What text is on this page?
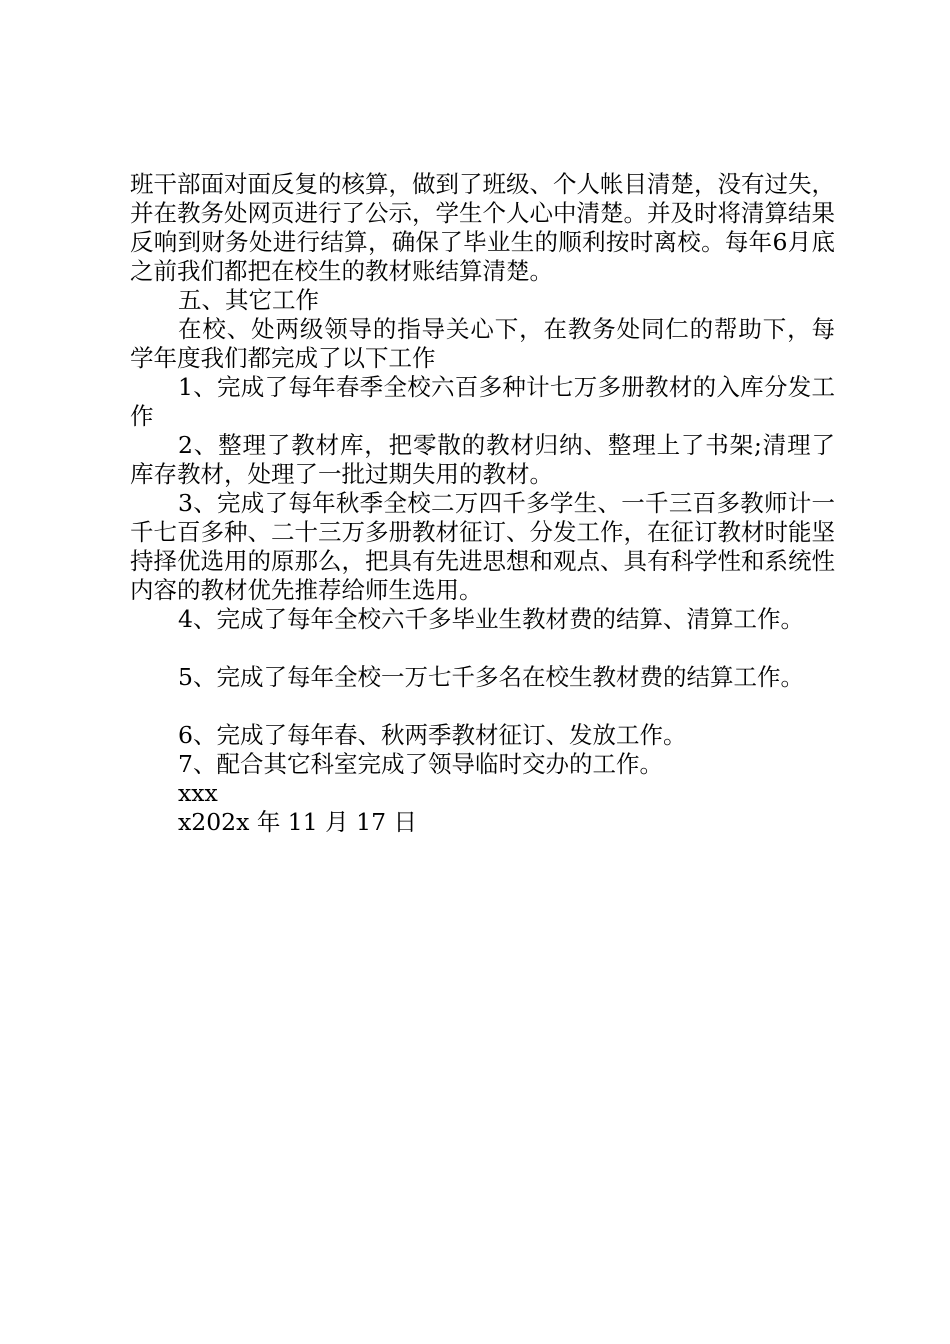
班干部面对面反复的核算，做到了班级、个人帐目清楚，没有过失，并在教务处网页进行了公示，学生个人心中清楚。并及时将清算结果反响到财务处进行结算，确保了毕业生的顺利按时离校。每年6月底之前我们都把在校生的教材账结算清楚。

五、其它工作

在校、处两级领导的指导关心下，在教务处同仁的帮助下，每学年度我们都完成了以下工作

1、完成了每年春季全校六百多种计七万多册教材的入库分发工作

2、整理了教材库，把零散的教材归纳、整理上了书架;清理了库存教材，处理了一批过期失用的教材。

3、完成了每年秋季全校二万四千多学生、一千三百多教师计一千七百多种、二十三万多册教材征订、分发工作，在征订教材时能坚持择优选用的原那么，把具有先进思想和观点、具有科学性和系统性内容的教材优先推荐给师生选用。

4、完成了每年全校六千多毕业生教材费的结算、清算工作。

5、完成了每年全校一万七千多名在校生教材费的结算工作。

6、完成了每年春、秋两季教材征订、发放工作。

7、配合其它科室完成了领导临时交办的工作。

xxx

x202x 年 11 月 17 日
